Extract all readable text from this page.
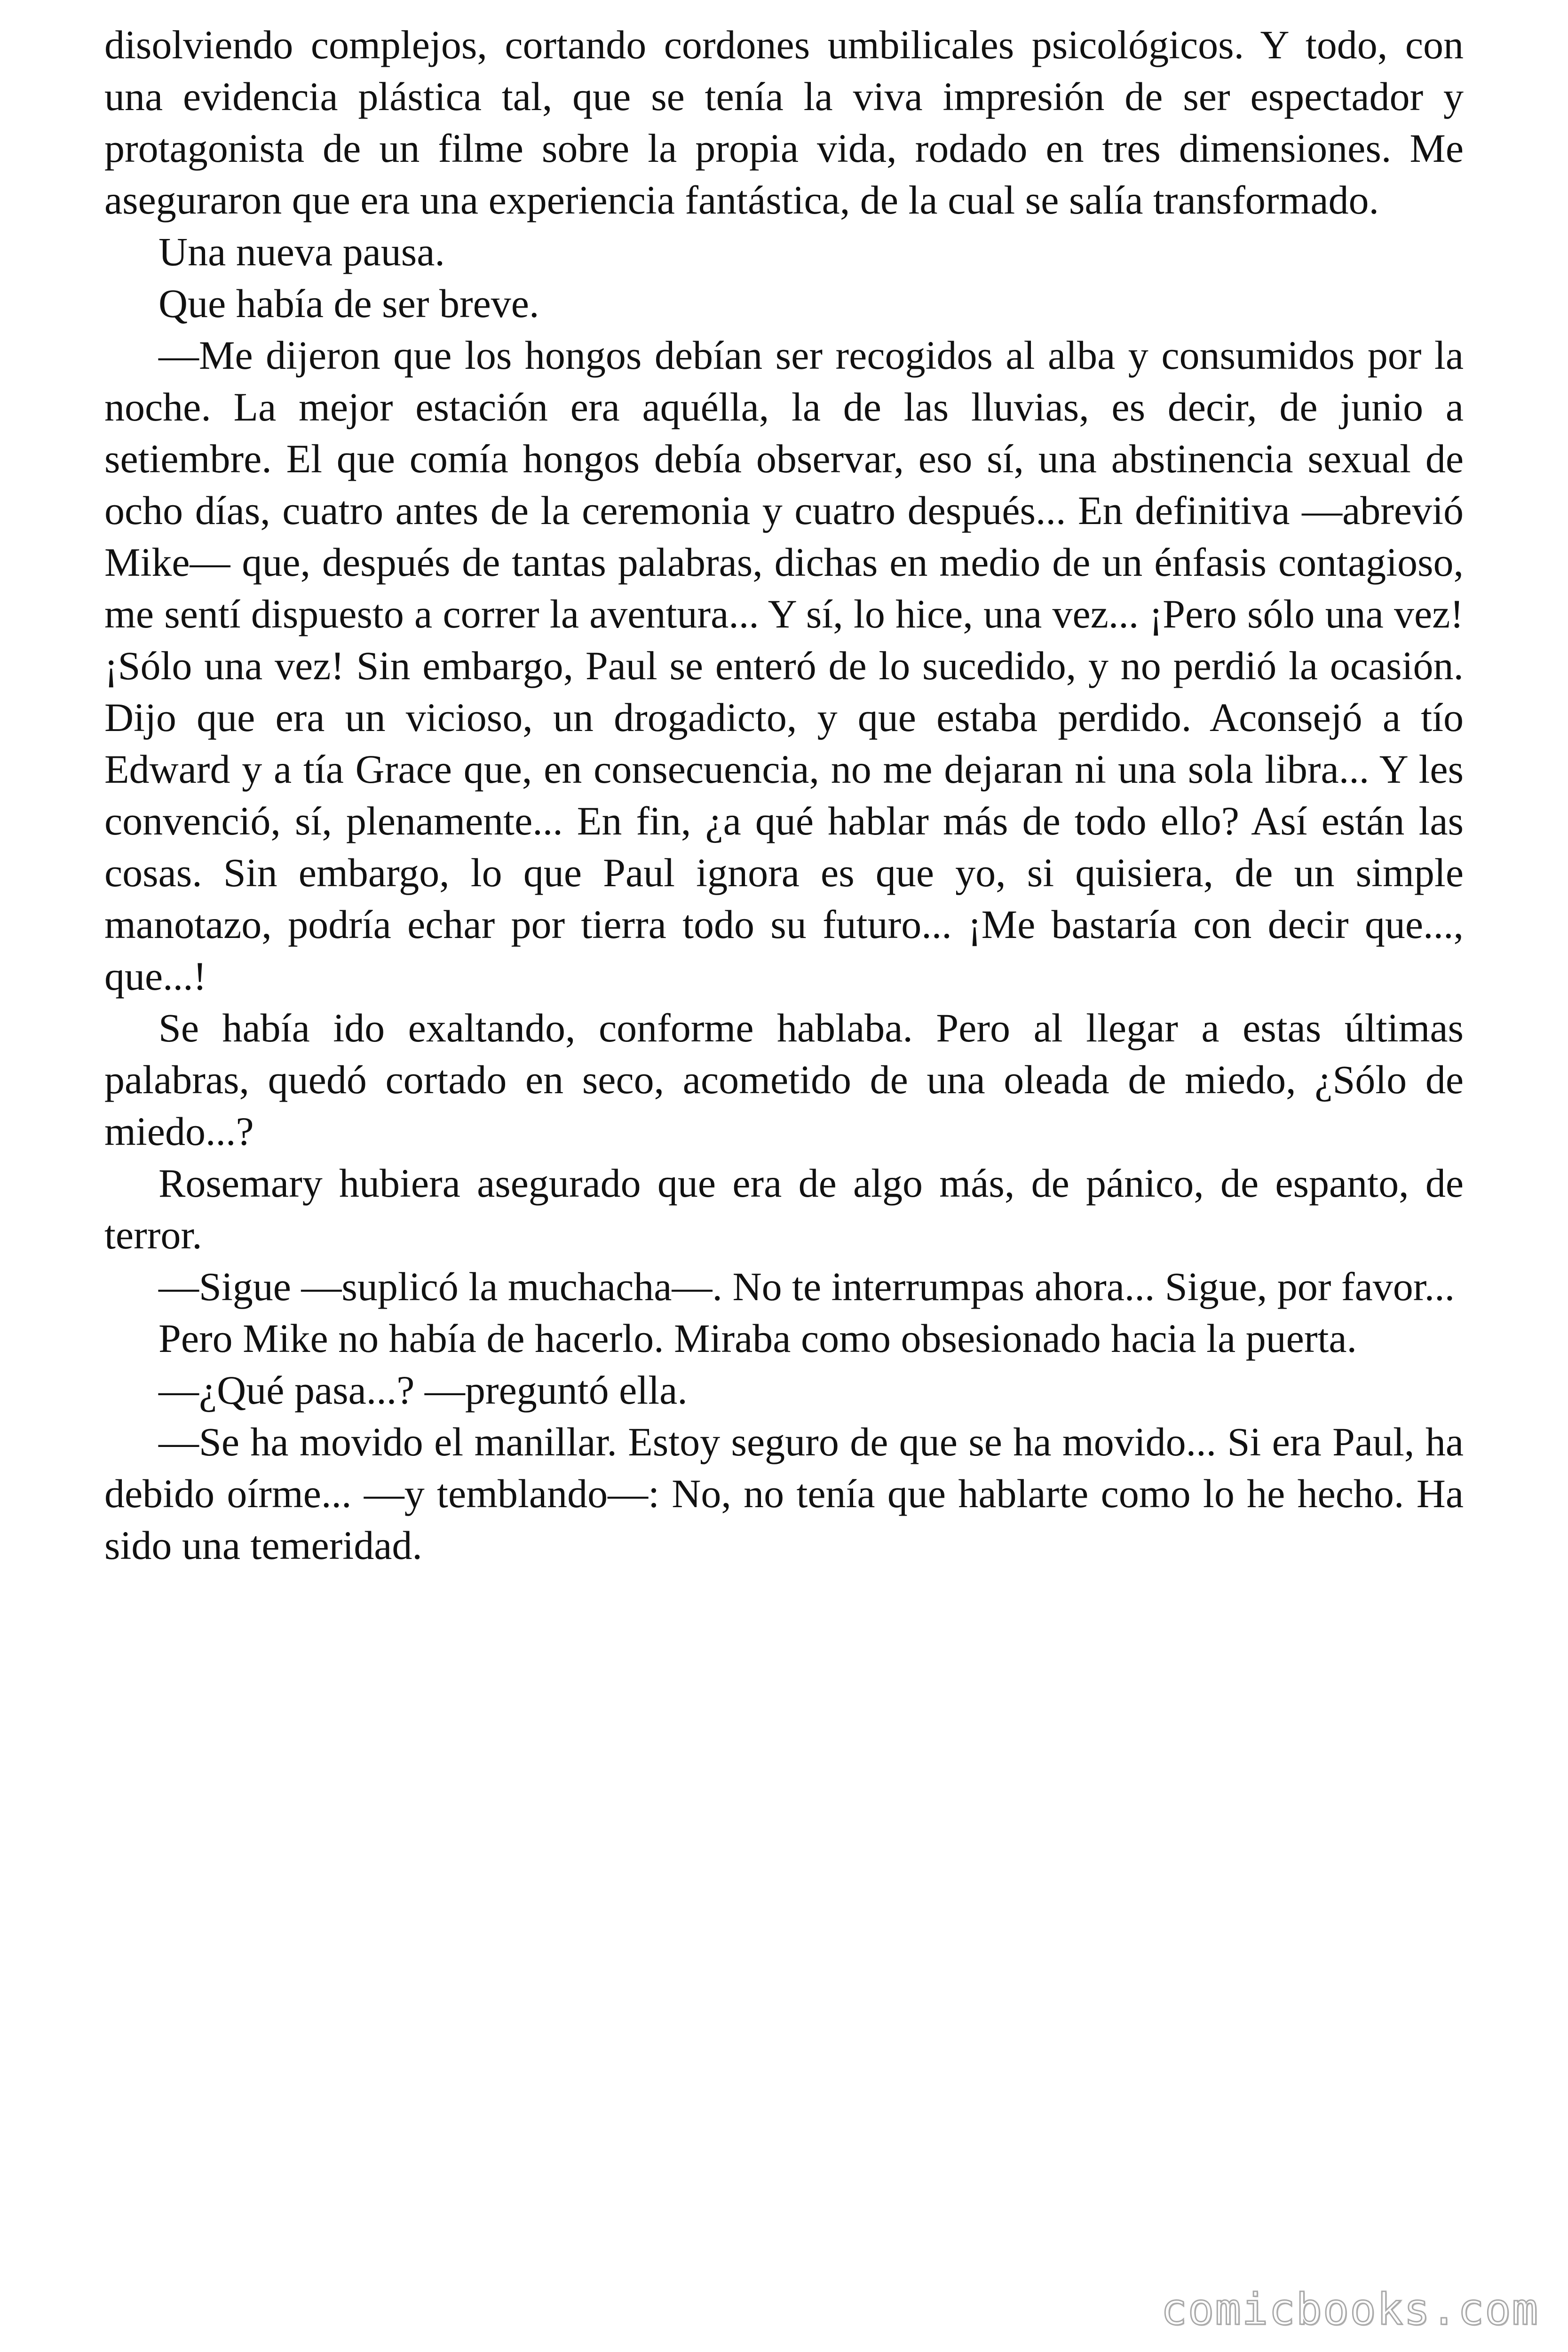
disolviendo complejos, cortando cordones umbilicales psicológicos. Y todo, con una evidencia plástica tal, que se tenía la viva impresión de ser espectador y protagonista de un filme sobre la propia vida, rodado en tres dimensiones. Me aseguraron que era una experiencia fantástica, de la cual se salía transformado.

Una nueva pausa.

Que había de ser breve.

—Me dijeron que los hongos debían ser recogidos al alba y consumidos por la noche. La mejor estación era aquélla, la de las lluvias, es decir, de junio a setiembre. El que comía hongos debía observar, eso sí, una abstinencia sexual de ocho días, cuatro antes de la ceremonia y cuatro después... En definitiva —abrevió Mike— que, después de tantas palabras, dichas en medio de un énfasis contagioso, me sentí dispuesto a correr la aventura... Y sí, lo hice, una vez... ¡Pero sólo una vez! ¡Sólo una vez! Sin embargo, Paul se enteró de lo sucedido, y no perdió la ocasión. Dijo que era un vicioso, un drogadicto, y que estaba perdido. Aconsejó a tío Edward y a tía Grace que, en consecuencia, no me dejaran ni una sola libra... Y les convenció, sí, plenamente... En fin, ¿a qué hablar más de todo ello? Así están las cosas. Sin embargo, lo que Paul ignora es que yo, si quisiera, de un simple manotazo, podría echar por tierra todo su futuro... ¡Me bastaría con decir que..., que...!

Se había ido exaltando, conforme hablaba. Pero al llegar a estas últimas palabras, quedó cortado en seco, acometido de una oleada de miedo, ¿Sólo de miedo...?

Rosemary hubiera asegurado que era de algo más, de pánico, de espanto, de terror.

—Sigue —suplicó la muchacha—. No te interrumpas ahora... Sigue, por favor...

Pero Mike no había de hacerlo. Miraba como obsesionado hacia la puerta.

—¿Qué pasa...? —preguntó ella.

—Se ha movido el manillar. Estoy seguro de que se ha movido... Si era Paul, ha debido oírme... —y temblando—: No, no tenía que hablarte como lo he hecho. Ha sido una temeridad.

comicbooks.com
